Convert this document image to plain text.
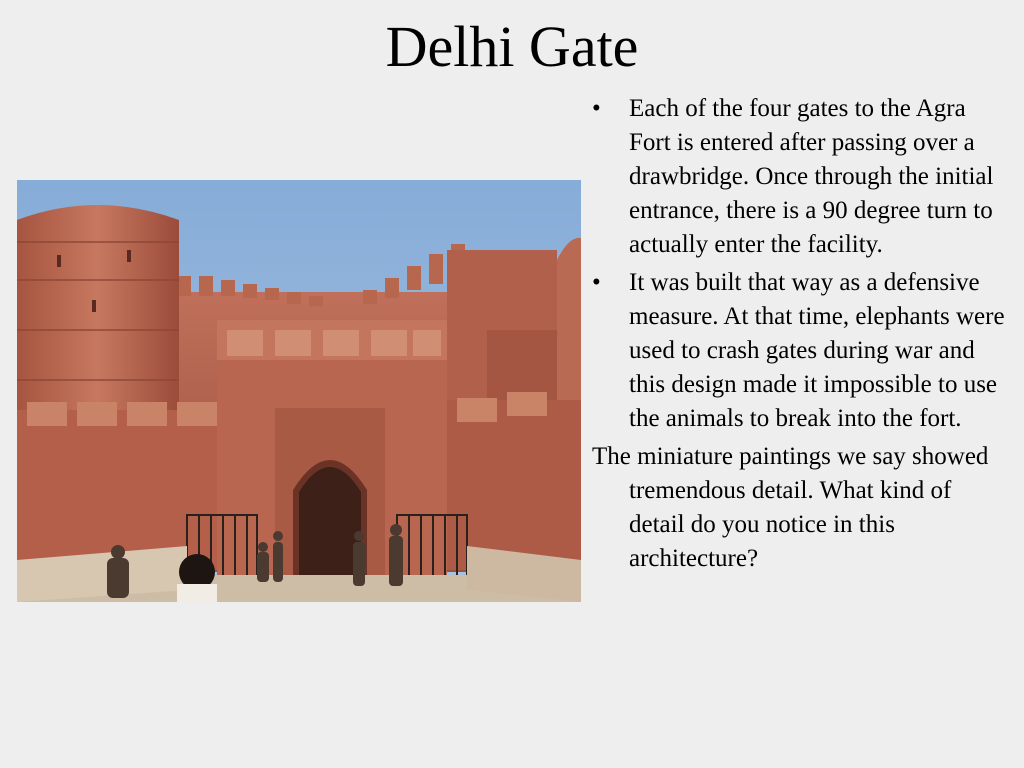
Delhi Gate
• Each of the four gates to the Agra Fort is entered after passing over a drawbridge. Once through the initial entrance, there is a 90 degree turn to actually enter the facility.
• It was built that way as a defensive measure. At that time, elephants were used to crash gates during war and this design made it impossible to use the animals to break into the fort.

The miniature paintings we say showed tremendous detail. What kind of detail do you notice in this architecture?
